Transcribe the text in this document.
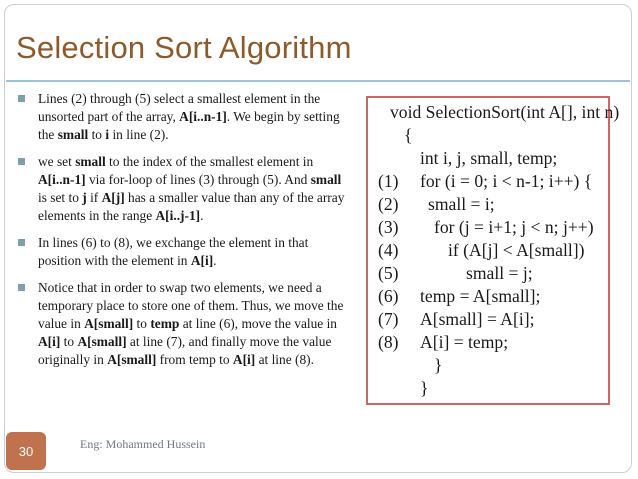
Selection Sort Algorithm
Lines (2) through (5) select a smallest element in the unsorted part of the array, A[i..n-1]. We begin by setting the small to i in line (2).
we set small to the index of the smallest element in A[i..n-1] via for-loop of lines (3) through (5). And small is set to j if A[j] has a smaller value than any of the array elements in the range A[i..j-1].
In lines (6) to (8), we exchange the element in that position with the element in A[i].
Notice that in order to swap two elements, we need a temporary place to store one of them. Thus, we move the value in A[small] to temp at line (6), move the value in A[i] to A[small] at line (7), and finally move the value originally in A[small] from temp to A[i] at line (8).
void SelectionSort(int A[], int n)
{
int i, j, small, temp;
(1) for (i = 0; i < n-1; i++) {
(2) small = i;
(3) for (j = i+1; j < n; j++)
(4)	if (A[j] < A[small])
(5)	small = j;
(6) temp = A[small];
(7) A[small] = A[i];
(8) A[i] = temp;
}
}
30	Eng: Mohammed Hussein
